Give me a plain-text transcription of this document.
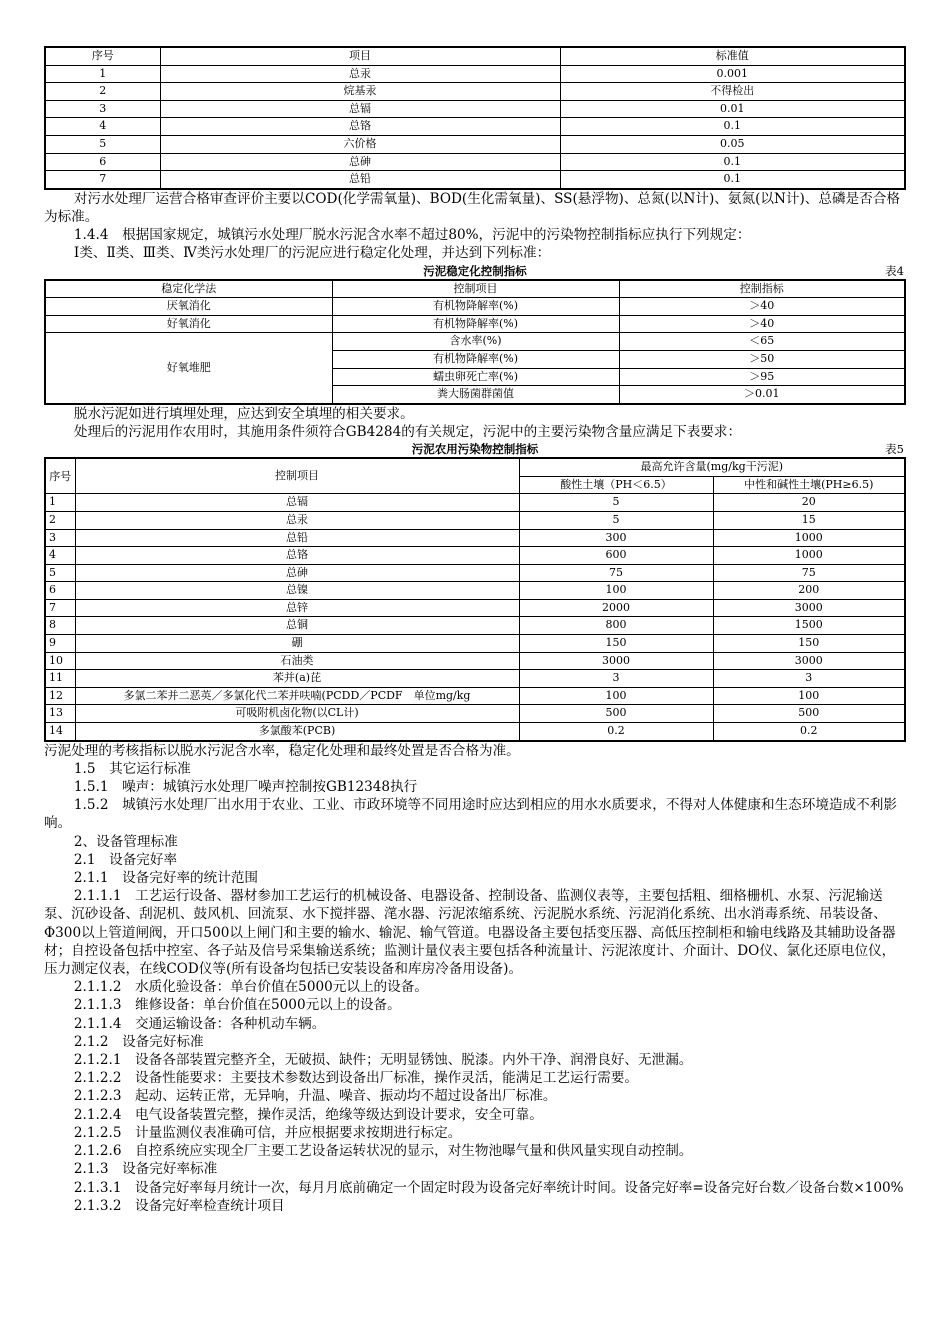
序号	项目	标准值
1	总汞	0.001
2	烷基汞	不得检出
3	总镉	0.01
4	总铬	0.1
5	六价格	0.05
6	总砷	0.1
7	总铅	0.1

对污水处理厂运营合格审查评价主要以COD(化学需氧量)、BOD(生化需氧量)、SS(悬浮物)、总氮(以N计)、氨氮(以N计)、总磷是否合格为标准。

1.4.4　根据国家规定，城镇污水处理厂脱水污泥含水率不超过80%，污泥中的污染物控制指标应执行下列规定：

Ⅰ类、Ⅱ类、Ⅲ类、Ⅳ类污水处理厂的污泥应进行稳定化处理，并达到下列标准：

污泥稳定化控制指标	表4
稳定化学法	控制项目	控制指标
厌氧消化	有机物降解率(%)	＞40
好氧消化	有机物降解率(%)	＞40
好氧堆肥	含水率(%)	＜65
	有机物降解率(%)	＞50
	蠕虫卵死亡率(%)	＞95
	粪大肠菌群菌值	＞0.01

脱水污泥如进行填埋处理，应达到安全填埋的相关要求。

处理后的污泥用作农用时，其施用条件须符合GB4284的有关规定，污泥中的主要污染物含量应满足下表要求：

污泥农用污染物控制指标	表5
序号	控制项目	最高允许含量(mg/kg干污泥)	
		酸性土壤（PH＜6.5）	中性和碱性土壤(PH≥6.5)
1	总镉	5	20
2	总汞	5	15
3	总铅	300	1000
4	总铬	600	1000
5	总砷	75	75
6	总镍	100	200
7	总锌	2000	3000
8	总铜	800	1500
9	硼	150	150
10	石油类	3000	3000
11	苯并(a)芘	3	3
12	多氯二苯并二恶英／多氯化代二苯并呋喃(PCDD／PCDF　单位mg/kg	100	100
13	可吸附机卤化物(以CL计)	500	500
14	多氯酸苯(PCB)	0.2	0.2

污泥处理的考核指标以脱水污泥含水率，稳定化处理和最终处置是否合格为准。

1.5　其它运行标准

1.5.1　噪声：城镇污水处理厂噪声控制按GB12348执行

1.5.2　城镇污水处理厂出水用于农业、工业、市政环境等不同用途时应达到相应的用水水质要求，不得对人体健康和生态环境造成不利影响。

2、设备管理标准

2.1　设备完好率

2.1.1　设备完好率的统计范围

2.1.1.1　工艺运行设备、器材参加工艺运行的机械设备、电器设备、控制设备、监测仪表等，主要包括粗、细格栅机、水泵、污泥输送泵、沉砂设备、刮泥机、鼓风机、回流泵、水下搅拌器、滗水器、污泥浓缩系统、污泥脱水系统、污泥消化系统、出水消毒系统、吊装设备、Φ300以上管道闸阀，开口500以上闸门和主要的输水、输泥、输气管道。电器设备主要包括变压器、高低压控制柜和输电线路及其辅助设备器材；自控设备包括中控室、各子站及信号采集输送系统；监测计量仪表主要包括各种流量计、污泥浓度计、介面计、DO仪、氯化还原电位仪，压力测定仪表，在线COD仪等(所有设备均包括已安装设备和库房冷备用设备)。

2.1.1.2　水质化验设备：单台价值在5000元以上的设备。

2.1.1.3　维修设备：单台价值在5000元以上的设备。

2.1.1.4　交通运输设备：各种机动车辆。

2.1.2　设备完好标准

2.1.2.1　设备各部装置完整齐全，无破损、缺件；无明显锈蚀、脱漆。内外干净、润滑良好、无泄漏。

2.1.2.2　设备性能要求：主要技术参数达到设备出厂标准，操作灵活，能满足工艺运行需要。

2.1.2.3　起动、运转正常，无异响，升温、噪音、振动均不超过设备出厂标准。

2.1.2.4　电气设备装置完整，操作灵活，绝缘等级达到设计要求，安全可靠。

2.1.2.5　计量监测仪表准确可信，并应根据要求按期进行标定。

2.1.2.6　自控系统应实现全厂主要工艺设备运转状况的显示，对生物池曝气量和供风量实现自动控制。

2.1.3　设备完好率标准

2.1.3.1　设备完好率每月统计一次，每月月底前确定一个固定时段为设备完好率统计时间。设备完好率=设备完好台数／设备台数×100%

2.1.3.2　设备完好率检查统计项目
